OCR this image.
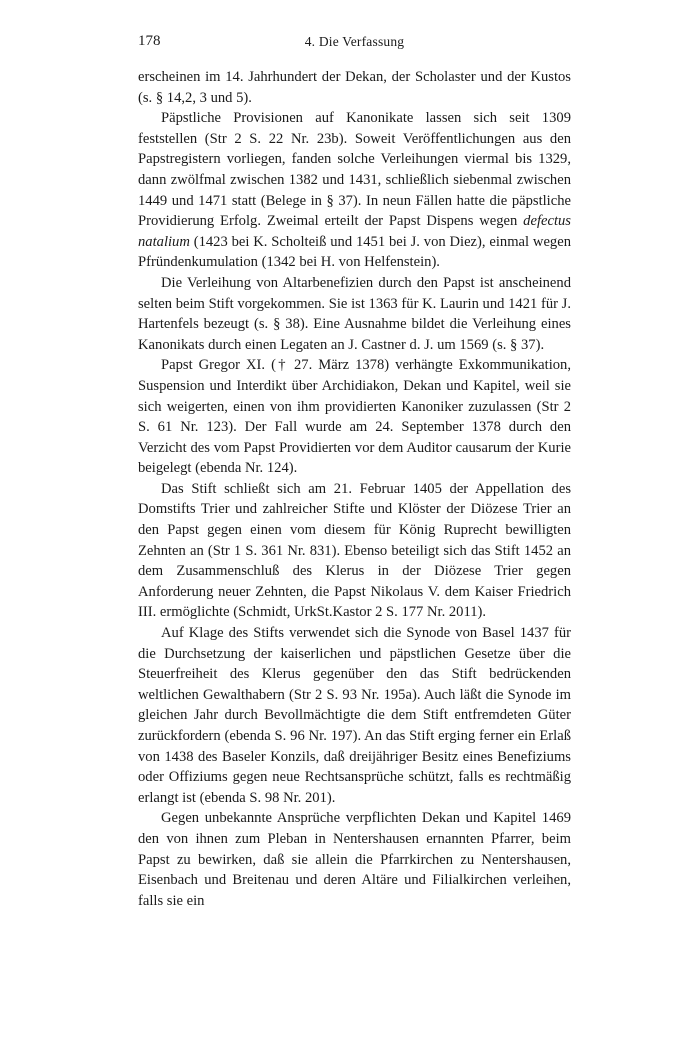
178	4. Die Verfassung

erscheinen im 14. Jahrhundert der Dekan, der Scholaster und der Kustos (s. § 14,2, 3 und 5).

Päpstliche Provisionen auf Kanonikate lassen sich seit 1309 feststellen (Str 2 S. 22 Nr. 23b). Soweit Veröffentlichungen aus den Papstregistern vorliegen, fanden solche Verleihungen viermal bis 1329, dann zwölfmal zwischen 1382 und 1431, schließlich siebenmal zwischen 1449 und 1471 statt (Belege in § 37). In neun Fällen hatte die päpstliche Providierung Erfolg. Zweimal erteilt der Papst Dispens wegen defectus natalium (1423 bei K. Scholteiß und 1451 bei J. von Diez), einmal wegen Pfründenkumulation (1342 bei H. von Helfenstein).

Die Verleihung von Altarbenefizien durch den Papst ist anscheinend selten beim Stift vorgekommen. Sie ist 1363 für K. Laurin und 1421 für J. Hartenfels bezeugt (s. § 38). Eine Ausnahme bildet die Verleihung eines Kanonikats durch einen Legaten an J. Castner d. J. um 1569 (s. § 37).

Papst Gregor XI. († 27. März 1378) verhängte Exkommunikation, Suspension und Interdikt über Archidiakon, Dekan und Kapitel, weil sie sich weigerten, einen von ihm providierten Kanoniker zuzulassen (Str 2 S. 61 Nr. 123). Der Fall wurde am 24. September 1378 durch den Verzicht des vom Papst Providierten vor dem Auditor causarum der Kurie beigelegt (ebenda Nr. 124).

Das Stift schließt sich am 21. Februar 1405 der Appellation des Domstifts Trier und zahlreicher Stifte und Klöster der Diözese Trier an den Papst gegen einen vom diesem für König Ruprecht bewilligten Zehnten an (Str 1 S. 361 Nr. 831). Ebenso beteiligt sich das Stift 1452 an dem Zusammenschluß des Klerus in der Diözese Trier gegen Anforderung neuer Zehnten, die Papst Nikolaus V. dem Kaiser Friedrich III. ermöglichte (Schmidt, UrkSt.Kastor 2 S. 177 Nr. 2011).

Auf Klage des Stifts verwendet sich die Synode von Basel 1437 für die Durchsetzung der kaiserlichen und päpstlichen Gesetze über die Steuerfreiheit des Klerus gegenüber den das Stift bedrückenden weltlichen Gewalthabern (Str 2 S. 93 Nr. 195a). Auch läßt die Synode im gleichen Jahr durch Bevollmächtigte die dem Stift entfremdeten Güter zurückfordern (ebenda S. 96 Nr. 197). An das Stift erging ferner ein Erlaß von 1438 des Baseler Konzils, daß dreijähriger Besitz eines Benefiziums oder Offiziums gegen neue Rechtsansprüche schützt, falls es rechtmäßig erlangt ist (ebenda S. 98 Nr. 201).

Gegen unbekannte Ansprüche verpflichten Dekan und Kapitel 1469 den von ihnen zum Pleban in Nentershausen ernannten Pfarrer, beim Papst zu bewirken, daß sie allein die Pfarrkirchen zu Nentershausen, Eisenbach und Breitenau und deren Altäre und Filialkirchen verleihen, falls sie ein
